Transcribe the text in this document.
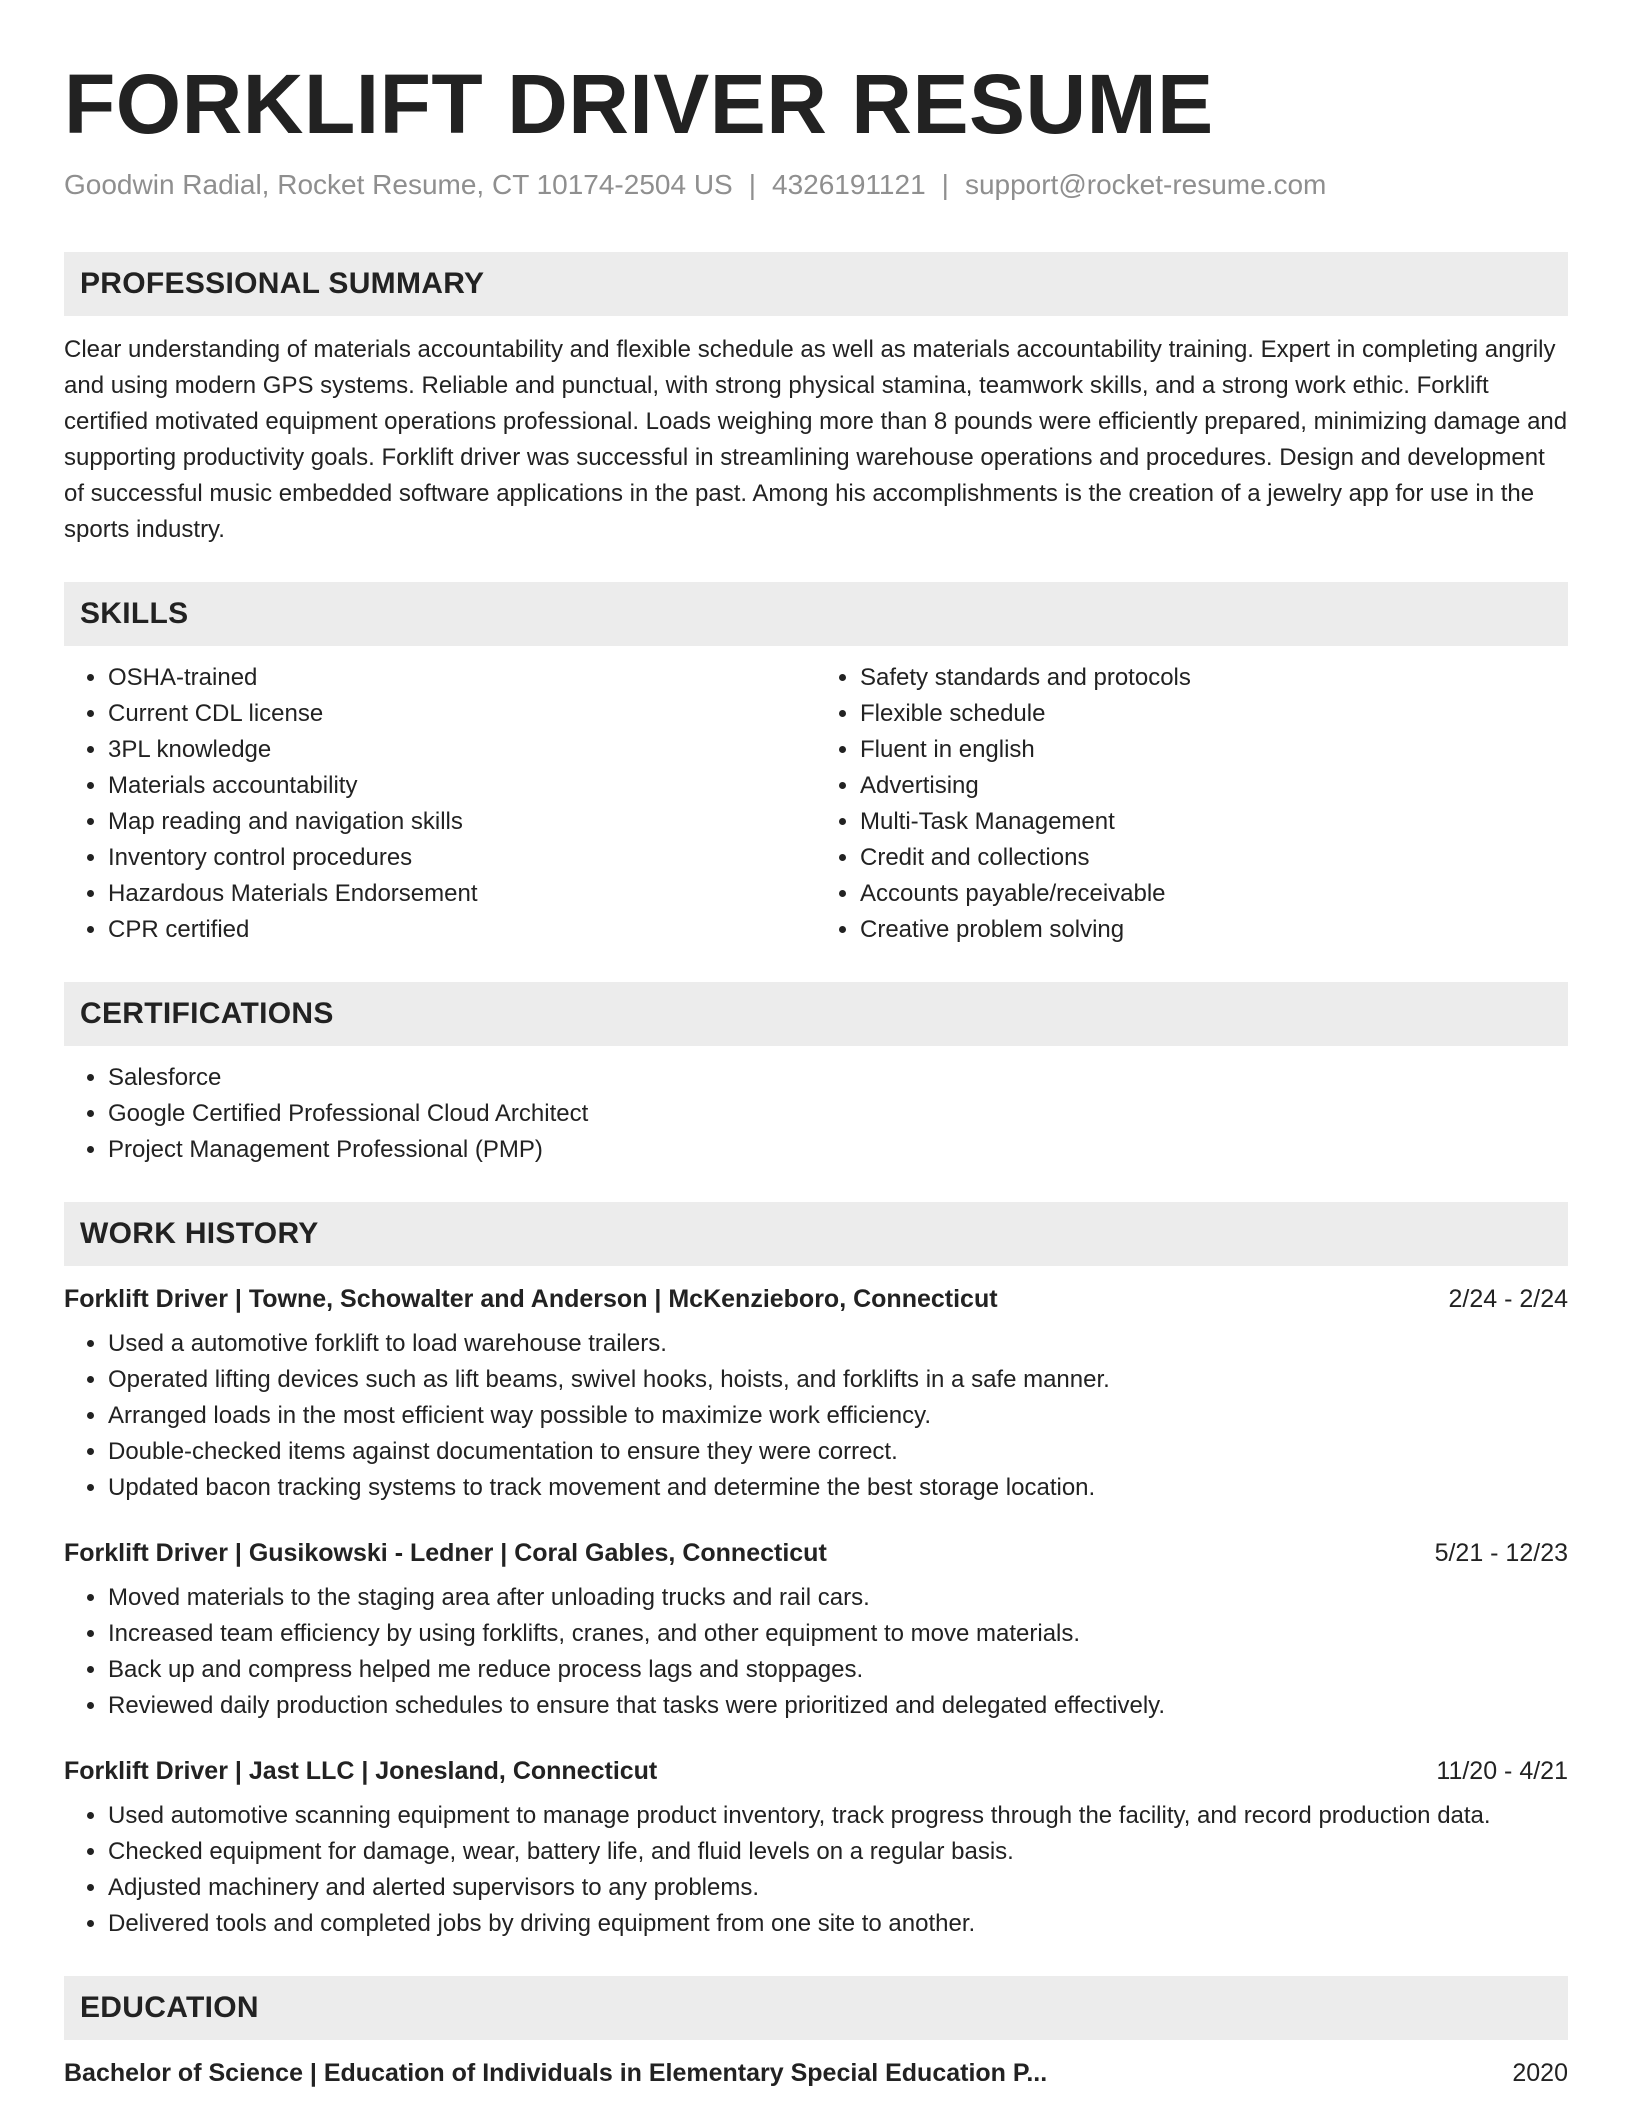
FORKLIFT DRIVER RESUME
Goodwin Radial, Rocket Resume, CT 10174-2504 US | 4326191121 | support@rocket-resume.com
PROFESSIONAL SUMMARY

Clear understanding of materials accountability and flexible schedule as well as materials accountability training. Expert in completing angrily and using modern GPS systems. Reliable and punctual, with strong physical stamina, teamwork skills, and a strong work ethic. Forklift certified motivated equipment operations professional. Loads weighing more than 8 pounds were efficiently prepared, minimizing damage and supporting productivity goals. Forklift driver was successful in streamlining warehouse operations and procedures. Design and development of successful music embedded software applications in the past. Among his accomplishments is the creation of a jewelry app for use in the sports industry.

SKILLS
• OSHA-trained
• Current CDL license
• 3PL knowledge
• Materials accountability
• Map reading and navigation skills
• Inventory control procedures
• Hazardous Materials Endorsement
• CPR certified
• Safety standards and protocols
• Flexible schedule
• Fluent in english
• Advertising
• Multi-Task Management
• Credit and collections
• Accounts payable/receivable
• Creative problem solving
CERTIFICATIONS
• Salesforce
• Google Certified Professional Cloud Architect
• Project Management Professional (PMP)
WORK HISTORY
Forklift Driver | Towne, Schowalter and Anderson | McKenzieboro, Connecticut	2/24 - 2/24
• Used a automotive forklift to load warehouse trailers.
• Operated lifting devices such as lift beams, swivel hooks, hoists, and forklifts in a safe manner.
• Arranged loads in the most efficient way possible to maximize work efficiency.
• Double-checked items against documentation to ensure they were correct.
• Updated bacon tracking systems to track movement and determine the best storage location.
Forklift Driver | Gusikowski - Ledner | Coral Gables, Connecticut	5/21 - 12/23
• Moved materials to the staging area after unloading trucks and rail cars.
• Increased team efficiency by using forklifts, cranes, and other equipment to move materials.
• Back up and compress helped me reduce process lags and stoppages.
• Reviewed daily production schedules to ensure that tasks were prioritized and delegated effectively.
Forklift Driver | Jast LLC | Jonesland, Connecticut	11/20 - 4/21
• Used automotive scanning equipment to manage product inventory, track progress through the facility, and record production data.
• Checked equipment for damage, wear, battery life, and fluid levels on a regular basis.
• Adjusted machinery and alerted supervisors to any problems.
• Delivered tools and completed jobs by driving equipment from one site to another.
EDUCATION
Bachelor of Science | Education of Individuals in Elementary Special Education P...	2020
